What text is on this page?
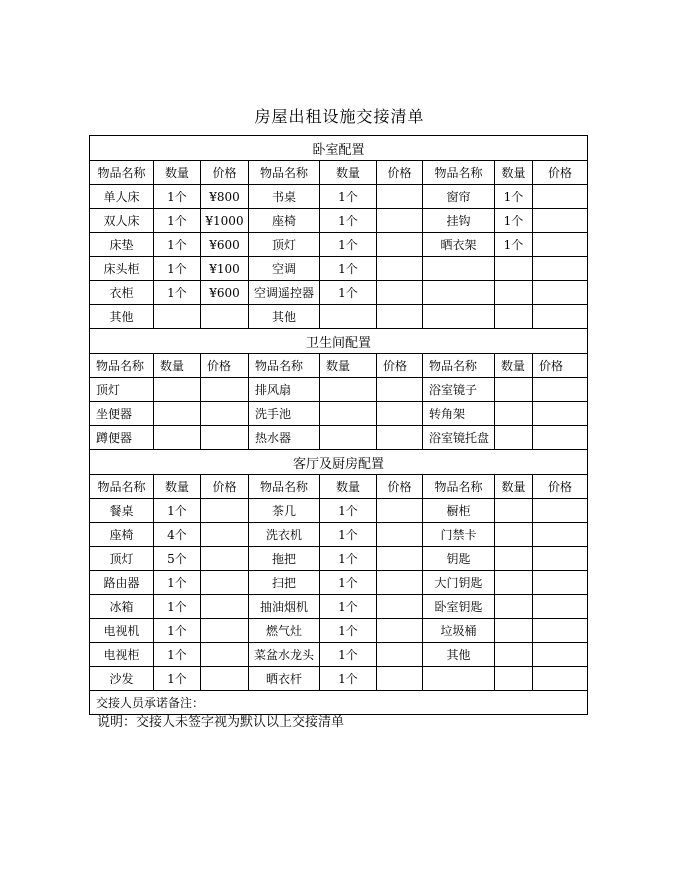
房屋出租设施交接清单
卧室配置								
物品名称	数量	价格	物品名称	数量	价格	物品名称	数量	价格
单人床	1个	¥800	书桌	1个		窗帘	1个	
双人床	1个	¥1000	座椅	1个		挂钩	1个	
床垫	1个	¥600	顶灯	1个		晒衣架	1个	
床头柜	1个	¥100	空调	1个				
衣柜	1个	¥600	空调遥控器	1个				
其他			其他					
卫生间配置								
物品名称	数量	价格	物品名称	数量	价格	物品名称	数量	价格
顶灯			排风扇			浴室镜子		
坐便器			洗手池			转角架		
蹲便器			热水器			浴室镜托盘		
客厅及厨房配置								
物品名称	数量	价格	物品名称	数量	价格	物品名称	数量	价格
餐桌	1个		茶几	1个		橱柜		
座椅	4个		洗衣机	1个		门禁卡		
顶灯	5个		拖把	1个		钥匙		
路由器	1个		扫把	1个		大门钥匙		
冰箱	1个		抽油烟机	1个		卧室钥匙		
电视机	1个		燃气灶	1个		垃圾桶		
电视柜	1个		菜盆水龙头	1个		其他		
沙发	1个		晒衣杆	1个				
交接人员承诺备注：								
说明：交接人未签字视为默认以上交接清单
